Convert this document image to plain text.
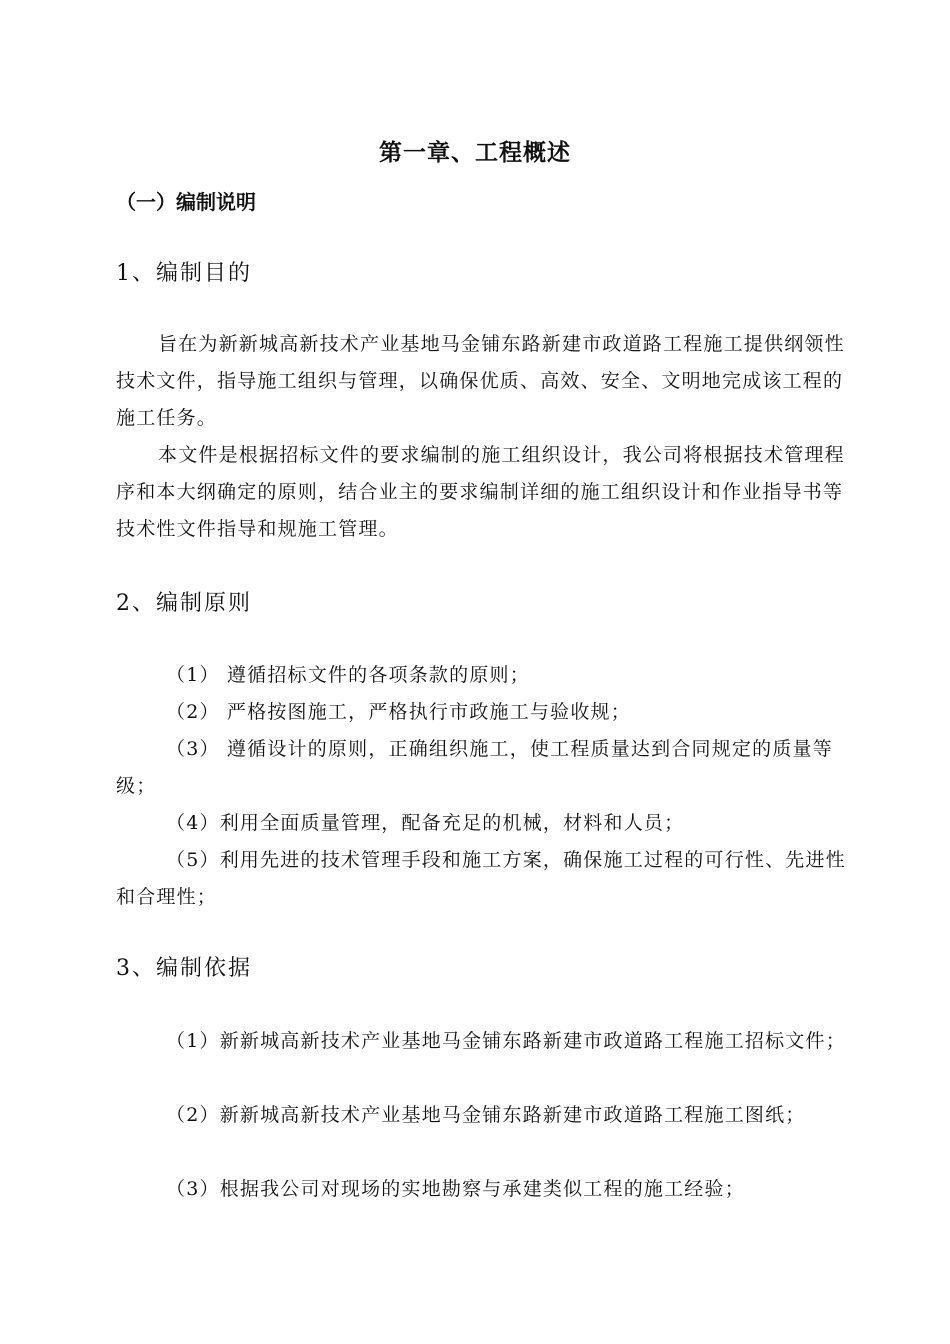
第一章、工程概述
（一）编制说明
1、编制目的

旨在为新新城高新技术产业基地马金铺东路新建市政道路工程施工提供纲领性技术文件，指导施工组织与管理，以确保优质、高效、安全、文明地完成该工程的施工任务。

本文件是根据招标文件的要求编制的施工组织设计，我公司将根据技术管理程序和本大纲确定的原则，结合业主的要求编制详细的施工组织设计和作业指导书等技术性文件指导和规施工管理。

2、编制原则

（1） 遵循招标文件的各项条款的原则；

（2） 严格按图施工，严格执行市政施工与验收规；

（3） 遵循设计的原则，正确组织施工，使工程质量达到合同规定的质量等级；

（4）利用全面质量管理，配备充足的机械，材料和人员；

（5）利用先进的技术管理手段和施工方案，确保施工过程的可行性、先进性和合理性；

3、编制依据

（1）新新城高新技术产业基地马金铺东路新建市政道路工程施工招标文件；

（2）新新城高新技术产业基地马金铺东路新建市政道路工程施工图纸；

（3）根据我公司对现场的实地勘察与承建类似工程的施工经验；
